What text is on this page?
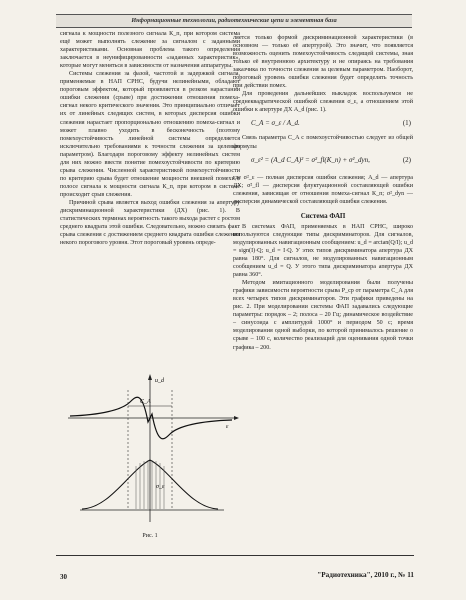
Информационные технологии, радиотехнические цепи и элементная база

сигнала к мощности полезного сигнала К_п, при котором система ещё может выполнять слежение за сигналом с заданными характеристиками. Основная проблема такого определения заключается в неунифицированности «заданных характеристик», которые могут меняться в зависимости от назначения аппаратуры.

Системы слежения за фазой, частотой и задержкой сигнала, применяемые в НАП СРНС, будучи нелинейными, обладают пороговым эффектом, который проявляется в резком нарастании ошибки слежения (срыве) при достижении отношения помеха-сигнал некого критического значения. Это принципиально отличает их от линейных следящих систем, в которых дисперсия ошибки слежения нарастает пропорционально отношению помеха-сигнал и может плавно уходить в бесконечность (поэтому помехоустойчивость линейной системы определяется исключительно требованиями к точности слежения за целевым параметром). Благодаря пороговому эффекту нелинейных систем для них можно ввести понятие помехоустойчивости по критерию срыва слежения. Численной характеристикой помехоустойчивости по критерию срыва будет отношение мощности внешней помехи в полосе сигнала к мощности сигнала К_п, при котором в системе происходит срыв слежения.

Причиной срыва является выход ошибки слежения за апертуру дискриминационной характеристики (ДХ) (рис. 1). В статистических терминах вероятность такого выхода растет с ростом среднего квадрата этой ошибки. Следовательно, можно связать факт срыва слежения с достижением среднего квадрата ошибки слежения некого порогового уровня. Этот пороговый уровень опреде-

u_d
C_A
σ_ε
ε
Рис. 1

ляется только формой дискриминационной характеристики (в основном — только её апертурой). Это значит, что появляется возможность оценить помехоустойчивость следящей системы, зная только её внутреннюю архитектуру и не опираясь на требования заказчика по точности слежения за целевым параметром. Наоборот, пороговый уровень ошибки слежения будет определять точность при действии помех.

Для проведения дальнейших выкладок воспользуемся не среднеквадратической ошибкой слежения σ_ε, а отношением этой ошибки к апертуре ДХ A_d (рис. 1).

C_A = σ_ε / A_d.	(1)

Связь параметра C_A с помехоустойчивостью следует из общей формулы

σ_ε² = (A_d C_A)² = σ²_fl(K_п) + σ²_dyn,	(2)

где σ²_ε — полная дисперсия ошибки слежения; A_d — апертура ДХ; σ²_fl — дисперсия флуктуационной составляющей ошибки слежения, зависящая от отношения помеха-сигнал К_п; σ²_dyn — дисперсия динамической составляющей ошибки слежения.

Система ФАП

В системах ФАП, применяемых в НАП СРНС, широко используются следующие типы дискриминаторов. Для сигналов, модулированных навигационным сообщением: u_d = arctan(Q/I); u_d = sign(I)·Q; u_d = I·Q. У этих типов дискриминатора апертура ДХ равна 180°. Для сигналов, не модулированных навигационным сообщением u_d = Q. У этого типа дискриминатора апертура ДХ равна 360°.

Методом имитационного моделирования были получены графики зависимости вероятности срыва P_ср от параметра C_A для всех четырех типов дискриминаторов. Эти графики приведены на рис. 2. При моделировании системы ФАП задавались следующие параметры: порядок – 2; полоса – 20 Гц; динамическое воздействие – синусоида с амплитудой 1000° и периодом 50 с; время моделирования одной выборки, по которой принималось решение о срыве – 100 с, количество реализаций для оценивания одной точки графика – 200.

30	"Радиотехника", 2010 г., № 11
